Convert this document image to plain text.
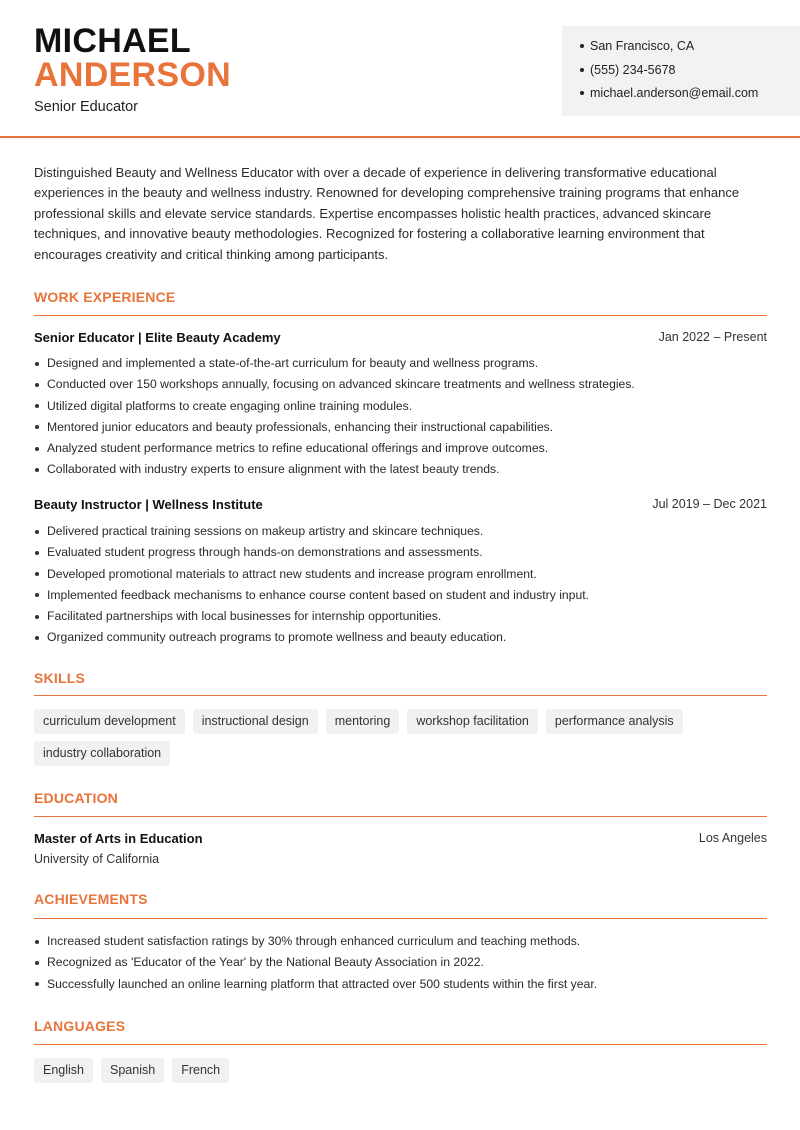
MICHAEL
ANDERSON
Senior Educator
San Francisco, CA
(555) 234-5678
michael.anderson@email.com
Distinguished Beauty and Wellness Educator with over a decade of experience in delivering transformative educational experiences in the beauty and wellness industry. Renowned for developing comprehensive training programs that enhance professional skills and elevate service standards. Expertise encompasses holistic health practices, advanced skincare techniques, and innovative beauty methodologies. Recognized for fostering a collaborative learning environment that encourages creativity and critical thinking among participants.
WORK EXPERIENCE
Senior Educator | Elite Beauty Academy	Jan 2022 – Present
Designed and implemented a state-of-the-art curriculum for beauty and wellness programs.
Conducted over 150 workshops annually, focusing on advanced skincare treatments and wellness strategies.
Utilized digital platforms to create engaging online training modules.
Mentored junior educators and beauty professionals, enhancing their instructional capabilities.
Analyzed student performance metrics to refine educational offerings and improve outcomes.
Collaborated with industry experts to ensure alignment with the latest beauty trends.
Beauty Instructor | Wellness Institute	Jul 2019 – Dec 2021
Delivered practical training sessions on makeup artistry and skincare techniques.
Evaluated student progress through hands-on demonstrations and assessments.
Developed promotional materials to attract new students and increase program enrollment.
Implemented feedback mechanisms to enhance course content based on student and industry input.
Facilitated partnerships with local businesses for internship opportunities.
Organized community outreach programs to promote wellness and beauty education.
SKILLS
curriculum development	instructional design	mentoring	workshop facilitation	performance analysis
industry collaboration
EDUCATION
Master of Arts in Education	Los Angeles
University of California
ACHIEVEMENTS
Increased student satisfaction ratings by 30% through enhanced curriculum and teaching methods.
Recognized as 'Educator of the Year' by the National Beauty Association in 2022.
Successfully launched an online learning platform that attracted over 500 students within the first year.
LANGUAGES
English	Spanish	French
